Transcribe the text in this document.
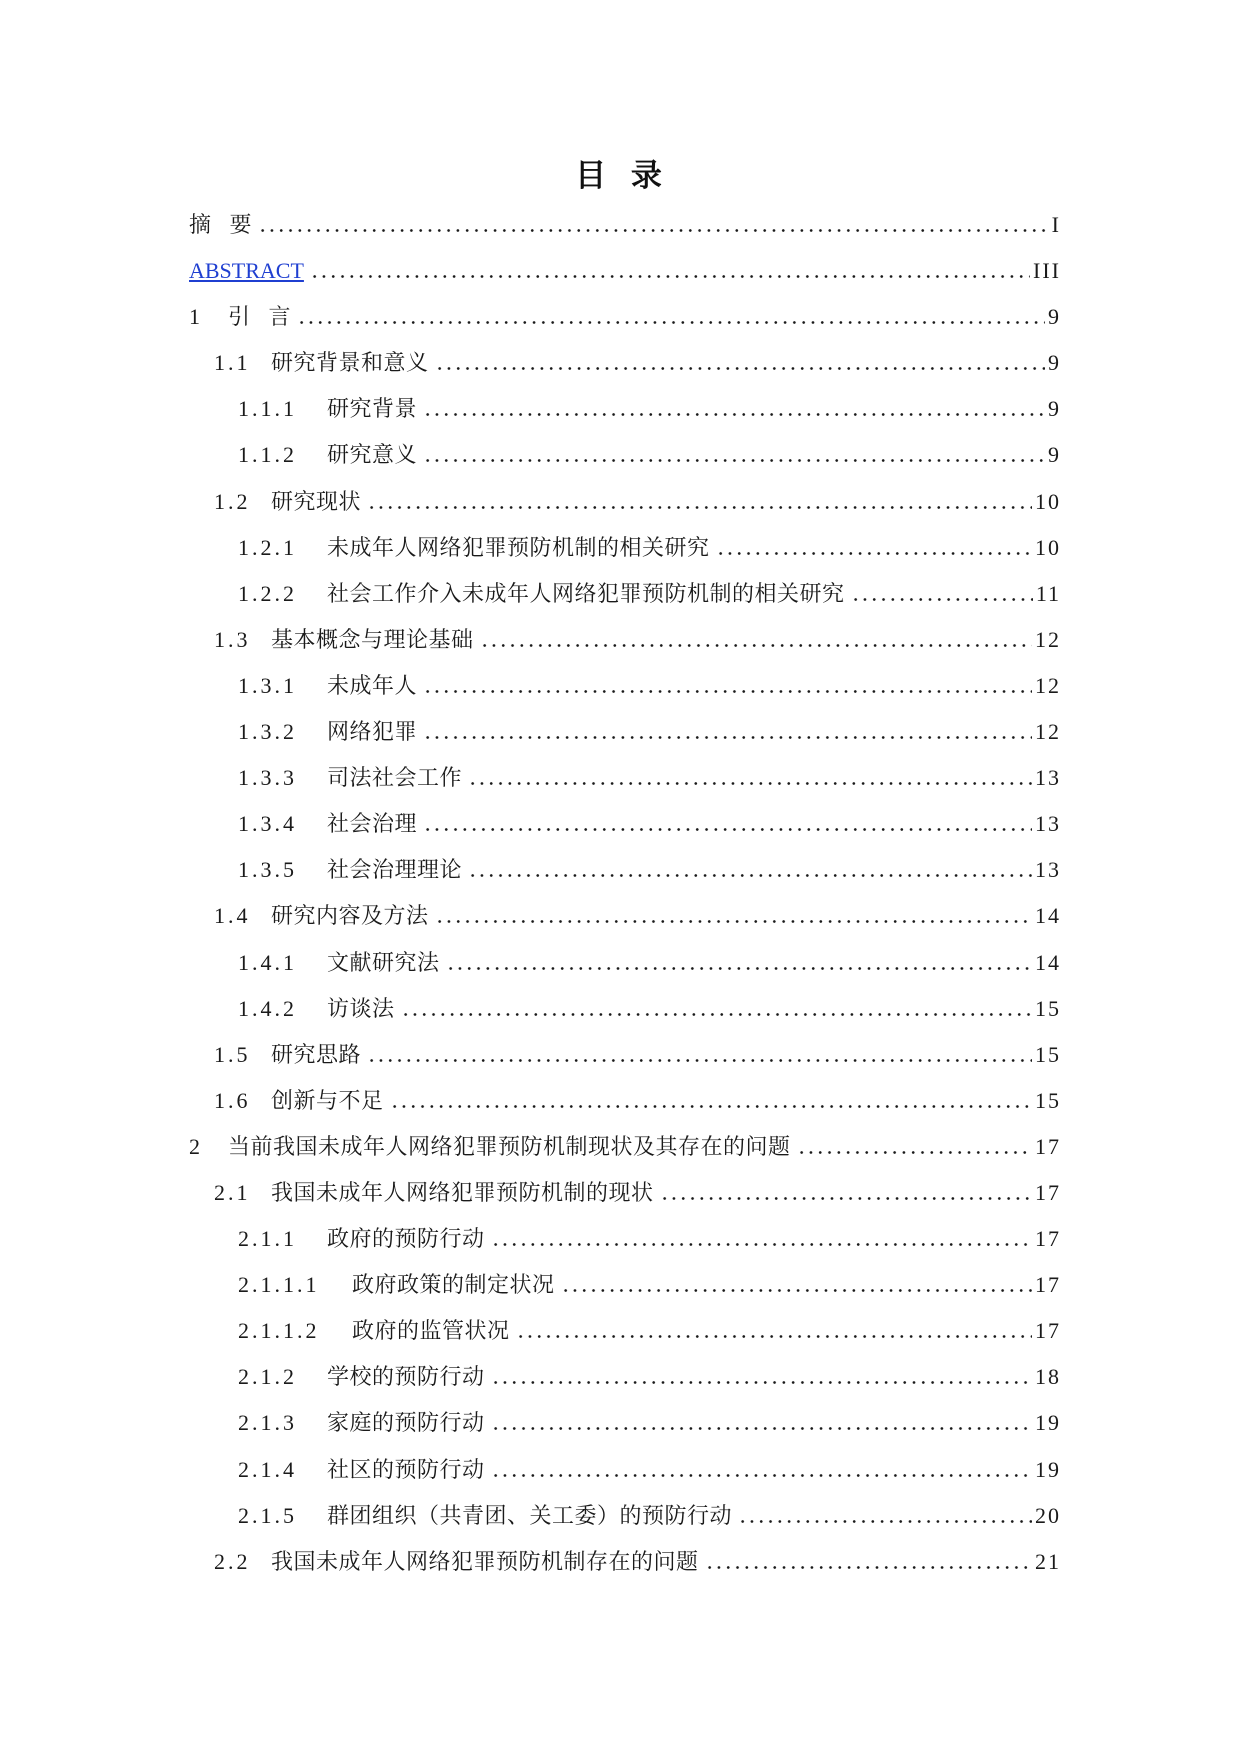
目 录
摘 要	I
ABSTRACT	III
1	引 言	9
1.1 研究背景和意义	9
1.1.1	研究背景	9
1.1.2	研究意义	9
1.2 研究现状	10
1.2.1	未成年人网络犯罪预防机制的相关研究	10
1.2.2	社会工作介入未成年人网络犯罪预防机制的相关研究	11
1.3 基本概念与理论基础	12
1.3.1	未成年人	12
1.3.2	网络犯罪	12
1.3.3	司法社会工作	13
1.3.4	社会治理	13
1.3.5	社会治理理论	13
1.4 研究内容及方法	14
1.4.1	文献研究法	14
1.4.2	访谈法	15
1.5 研究思路	15
1.6 创新与不足	15
2	当前我国未成年人网络犯罪预防机制现状及其存在的问题	17
2.1 我国未成年人网络犯罪预防机制的现状	17
2.1.1	政府的预防行动	17
2.1.1.1	政府政策的制定状况	17
2.1.1.2	政府的监管状况	17
2.1.2	学校的预防行动	18
2.1.3	家庭的预防行动	19
2.1.4	社区的预防行动	19
2.1.5	群团组织（共青团、关工委）的预防行动	20
2.2 我国未成年人网络犯罪预防机制存在的问题	21
